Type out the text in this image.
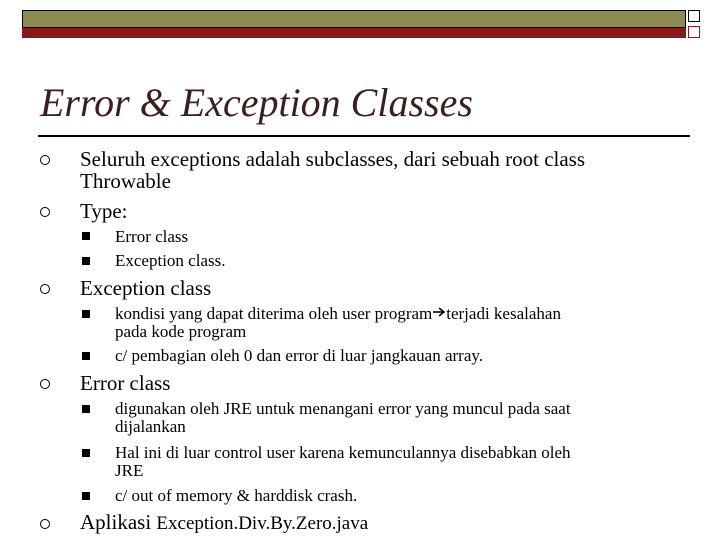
Error & Exception Classes
Seluruh exceptions adalah subclasses, dari sebuah root class
Throwable
Type:
Error class
Exception class.
Exception class
kondisi yang dapat diterima oleh user program terjadi kesalahan
pada kode program
c/ pembagian oleh 0 dan error di luar jangkauan array.
Error class
digunakan oleh JRE untuk menangani error yang muncul pada saat
dijalankan
Hal ini di luar control user karena kemunculannya disebabkan oleh
JRE
c/ out of memory & harddisk crash.
Aplikasi Exception.Div.By.Zero.java
